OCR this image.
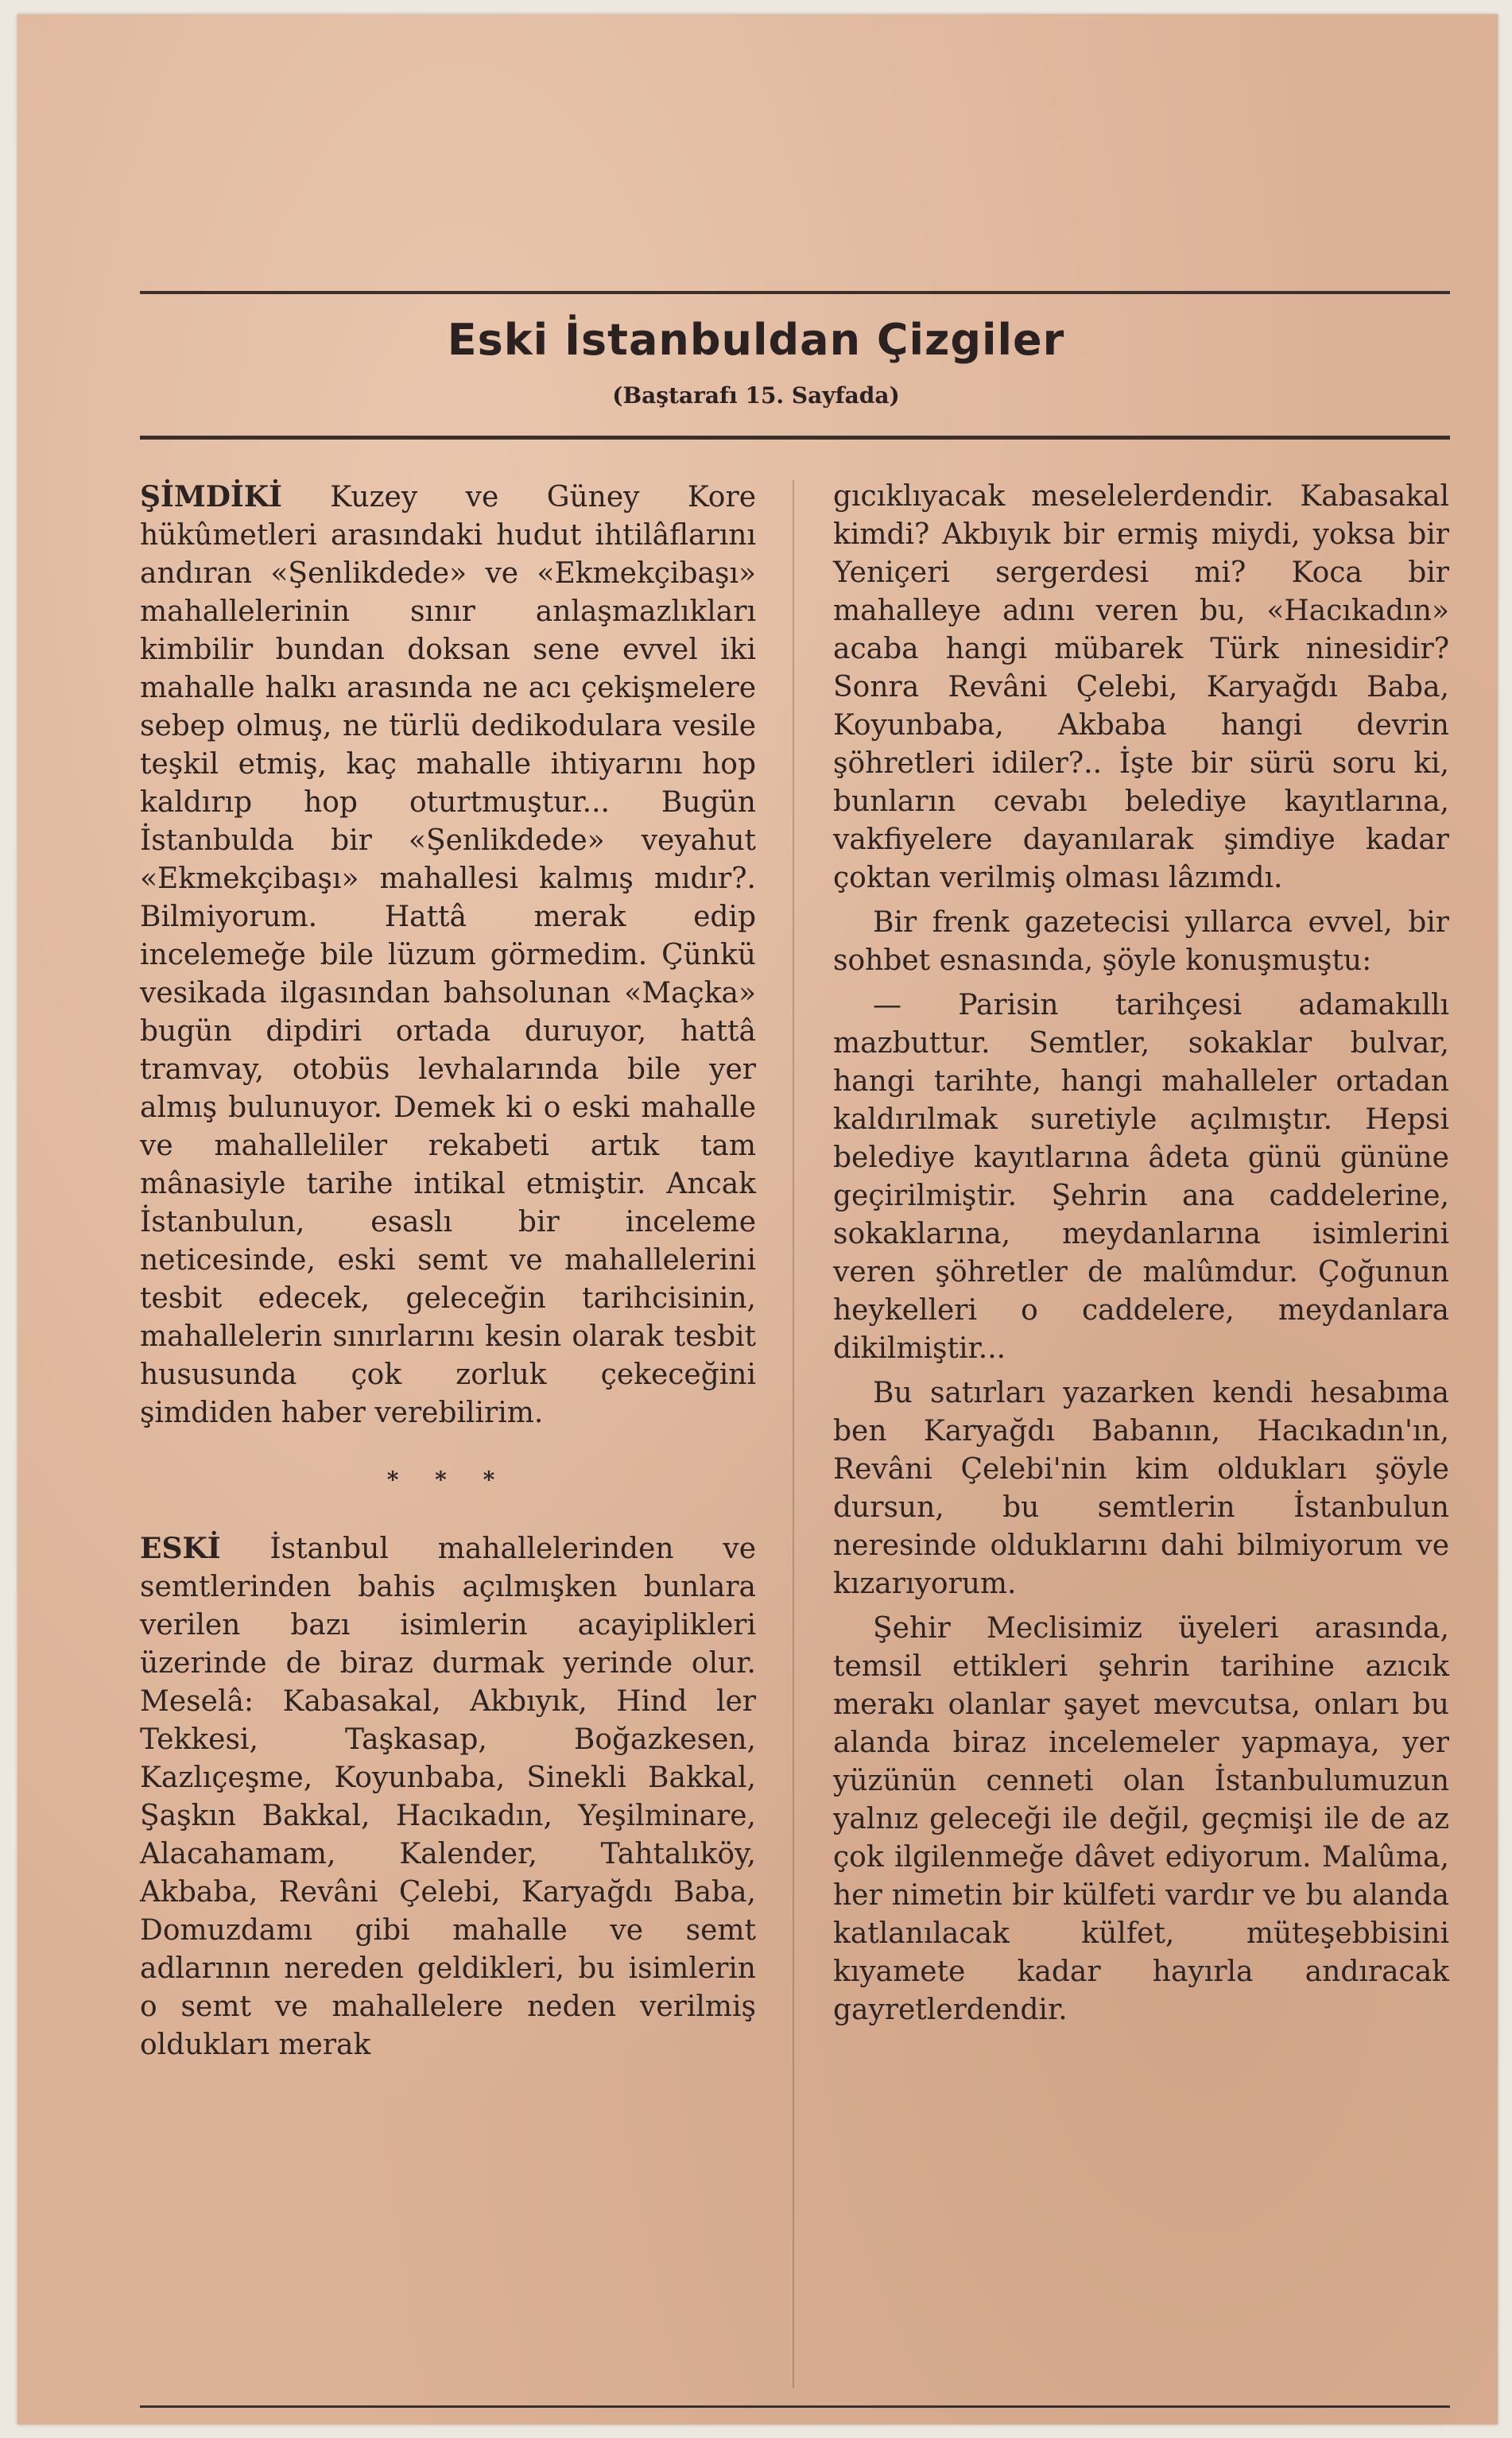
Eski İstanbuldan Çizgiler
(Baştarafı 15. Sayfada)

ŞİMDİKİ Kuzey ve Güney Kore hükûmetleri arasındaki hudut ihtilâflarını andıran «Şenlikdede» ve «Ekmekçibaşı» mahallelerinin sınır anlaşmazlıkları kimbilir bundan doksan sene evvel iki mahalle halkı arasında ne acı çekişmelere sebep olmuş, ne türlü dedikodulara vesile teşkil etmiş, kaç mahalle ihtiyarını hop kaldırıp hop oturtmuştur... Bugün İstanbulda bir «Şenlikdede» veyahut «Ekmekçibaşı» mahallesi kalmış mıdır?. Bilmiyorum. Hattâ merak edip incelemeğe bile lüzum görmedim. Çünkü vesikada ilgasından bahsolunan «Maçka» bugün dipdiri ortada duruyor, hattâ tramvay, otobüs levhalarında bile yer almış bulunuyor. Demek ki o eski mahalle ve mahalleliler rekabeti artık tam mânasiyle tarihe intikal etmiştir. Ancak İstanbulun, esaslı bir inceleme neticesinde, eski semt ve mahallelerini tesbit edecek, geleceğin tarihcisinin, mahallelerin sınırlarını kesin olarak tesbit hususunda çok zorluk çekeceğini şimdiden haber verebilirim.

* * *

ESKİ İstanbul mahallelerinden ve semtlerinden bahis açılmışken bunlara verilen bazı isimlerin acayiplikleri üzerinde de biraz durmak yerinde olur. Meselâ: Kabasakal, Akbıyık, Hind ler Tekkesi, Taşkasap, Boğazkesen, Kazlıçeşme, Koyunbaba, Sinekli Bakkal, Şaşkın Bakkal, Hacıkadın, Yeşilminare, Alacahamam, Kalender, Tahtalıköy, Akbaba, Revâni Çelebi, Karyağdı Baba, Domuzdamı gibi mahalle ve semt adlarının nereden geldikleri, bu isimlerin o semt ve mahallelere neden verilmiş oldukları merak

gıcıklıyacak meselelerdendir. Kabasakal kimdi? Akbıyık bir ermiş miydi, yoksa bir Yeniçeri sergerdesi mi? Koca bir mahalleye adını veren bu, «Hacıkadın» acaba hangi mübarek Türk ninesidir? Sonra Revâni Çelebi, Karyağdı Baba, Koyunbaba, Akbaba hangi devrin şöhretleri idiler?.. İşte bir sürü soru ki, bunların cevabı belediye kayıtlarına, vakfiyelere dayanılarak şimdiye kadar çoktan verilmiş olması lâzımdı.

Bir frenk gazetecisi yıllarca evvel, bir sohbet esnasında, şöyle konuşmuştu:

— Parisin tarihçesi adamakıllı mazbuttur. Semtler, sokaklar bulvar, hangi tarihte, hangi mahalleler ortadan kaldırılmak suretiyle açılmıştır. Hepsi belediye kayıtlarına âdeta günü gününe geçirilmiştir. Şehrin ana caddelerine, sokaklarına, meydanlarına isimlerini veren şöhretler de malûmdur. Çoğunun heykelleri o caddelere, meydanlara dikilmiştir...

Bu satırları yazarken kendi hesabıma ben Karyağdı Babanın, Hacıkadın'ın, Revâni Çelebi'nin kim oldukları şöyle dursun, bu semtlerin İstanbulun neresinde olduklarını dahi bilmiyorum ve kızarıyorum.

Şehir Meclisimiz üyeleri arasında, temsil ettikleri şehrin tarihine azıcık merakı olanlar şayet mevcutsa, onları bu alanda biraz incelemeler yapmaya, yer yüzünün cenneti olan İstanbulumuzun yalnız geleceği ile değil, geçmişi ile de az çok ilgilenmeğe dâvet ediyorum. Malûma, her nimetin bir külfeti vardır ve bu alanda katlanılacak külfet, müteşebbisini kıyamete kadar hayırla andıracak gayretlerdendir.
